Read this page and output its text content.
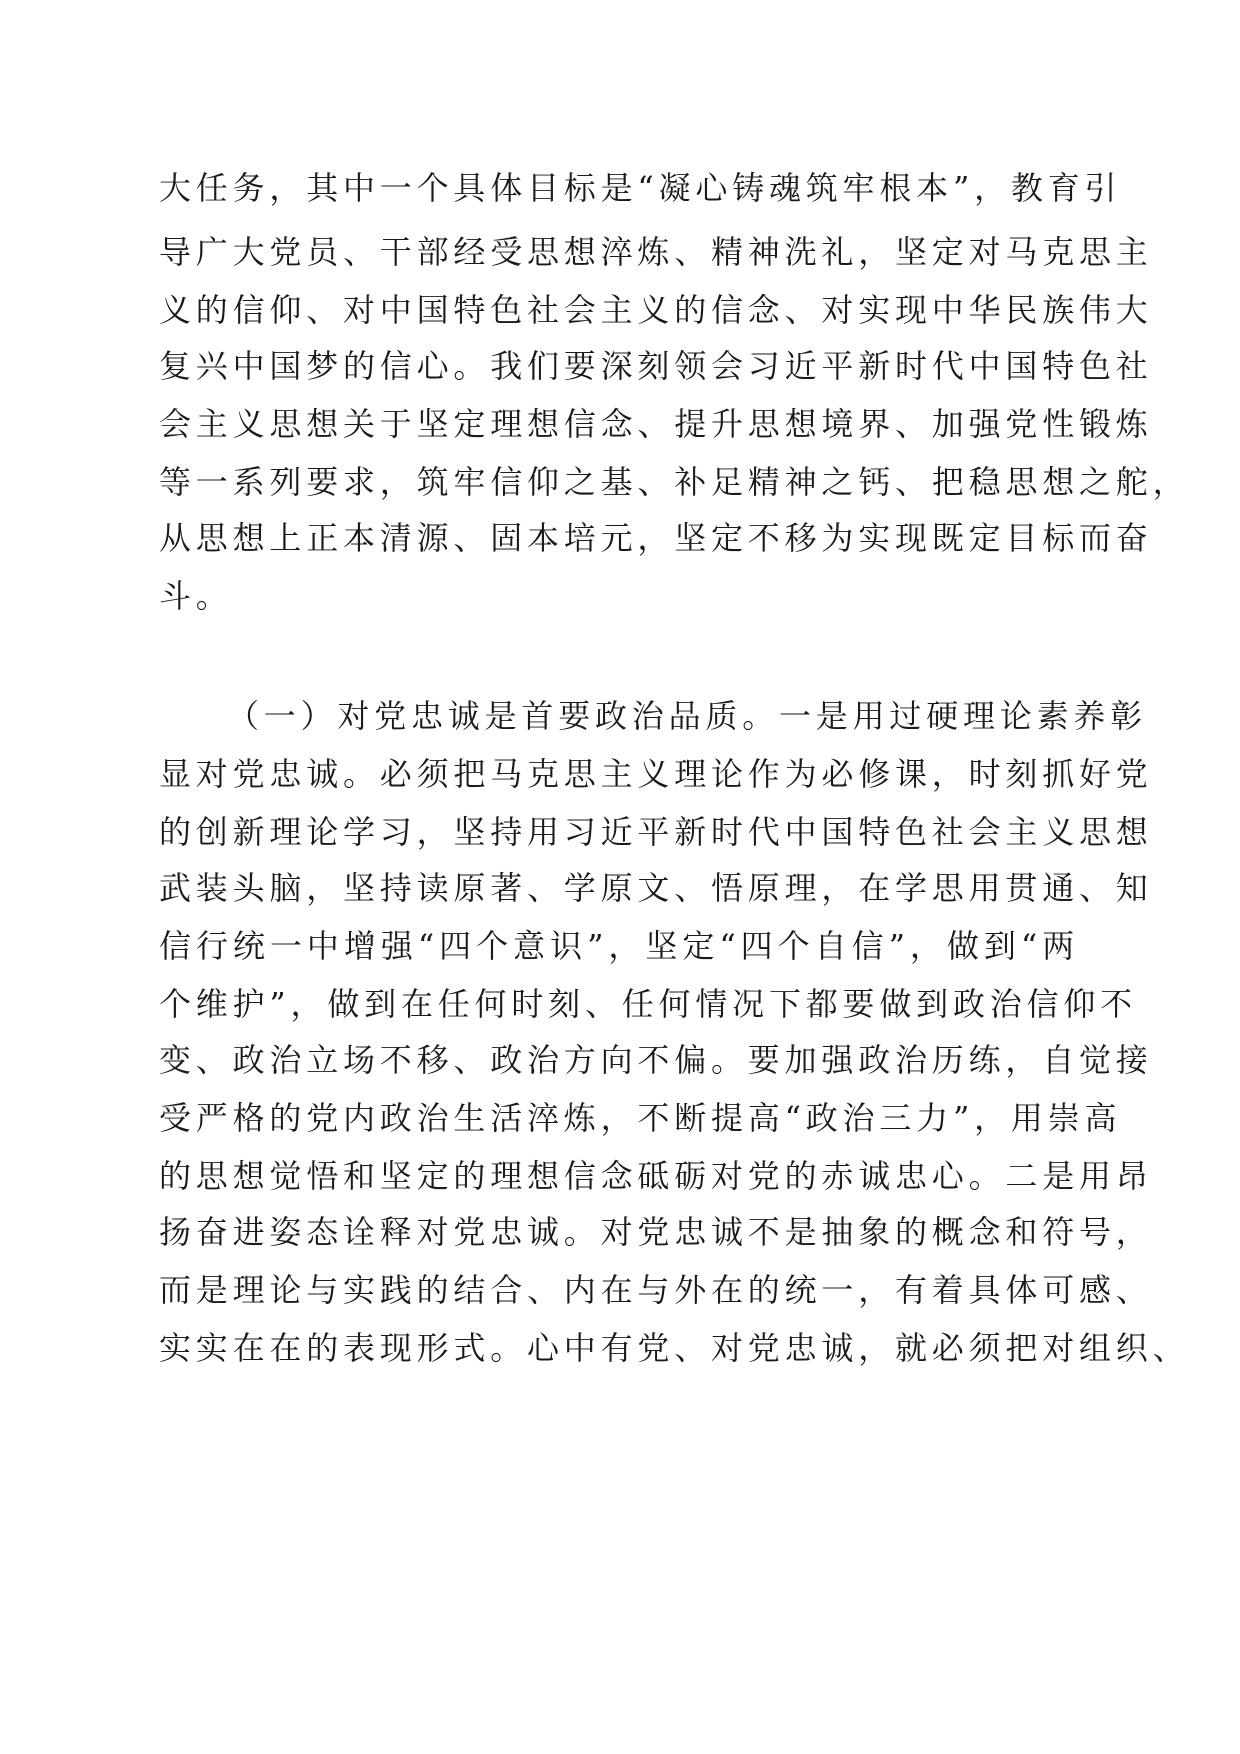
大任务，其中一个具体目标是“凝心铸魂筑牢根本”，教育引
导广大党员、干部经受思想淬炼、精神洗礼，坚定对马克思主
义的信仰、对中国特色社会主义的信念、对实现中华民族伟大
复兴中国梦的信心。我们要深刻领会习近平新时代中国特色社
会主义思想关于坚定理想信念、提升思想境界、加强党性锻炼
等一系列要求，筑牢信仰之基、补足精神之钙、把稳思想之舵，
从思想上正本清源、固本培元，坚定不移为实现既定目标而奋
斗。
（一）对党忠诚是首要政治品质。一是用过硬理论素养彰
显对党忠诚。必须把马克思主义理论作为必修课，时刻抓好党
的创新理论学习，坚持用习近平新时代中国特色社会主义思想
武装头脑，坚持读原著、学原文、悟原理，在学思用贯通、知
信行统一中增强“四个意识”，坚定“四个自信”，做到“两
个维护”，做到在任何时刻、任何情况下都要做到政治信仰不
变、政治立场不移、政治方向不偏。要加强政治历练，自觉接
受严格的党内政治生活淬炼，不断提高“政治三力”，用崇高
的思想觉悟和坚定的理想信念砥砺对党的赤诚忠心。二是用昂
扬奋进姿态诠释对党忠诚。对党忠诚不是抽象的概念和符号，
而是理论与实践的结合、内在与外在的统一，有着具体可感、
实实在在的表现形式。心中有党、对党忠诚，就必须把对组织、
